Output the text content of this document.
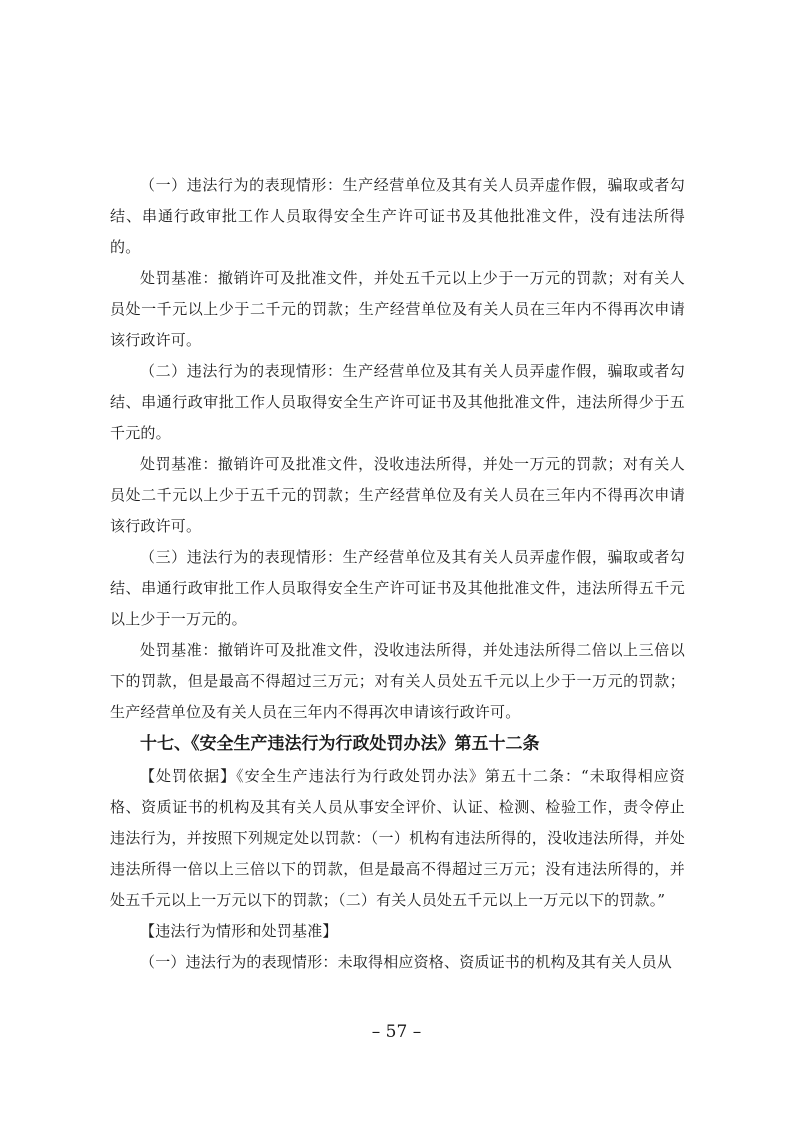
（一）违法行为的表现情形：生产经营单位及其有关人员弄虚作假，骗取或者勾结、串通行政审批工作人员取得安全生产许可证书及其他批准文件，没有违法所得的。

处罚基准：撤销许可及批准文件，并处五千元以上少于一万元的罚款；对有关人员处一千元以上少于二千元的罚款；生产经营单位及有关人员在三年内不得再次申请该行政许可。

（二）违法行为的表现情形：生产经营单位及其有关人员弄虚作假，骗取或者勾结、串通行政审批工作人员取得安全生产许可证书及其他批准文件，违法所得少于五千元的。

处罚基准：撤销许可及批准文件，没收违法所得，并处一万元的罚款；对有关人员处二千元以上少于五千元的罚款；生产经营单位及有关人员在三年内不得再次申请该行政许可。

（三）违法行为的表现情形：生产经营单位及其有关人员弄虚作假，骗取或者勾结、串通行政审批工作人员取得安全生产许可证书及其他批准文件，违法所得五千元以上少于一万元的。

处罚基准：撤销许可及批准文件，没收违法所得，并处违法所得二倍以上三倍以下的罚款，但是最高不得超过三万元；对有关人员处五千元以上少于一万元的罚款；生产经营单位及有关人员在三年内不得再次申请该行政许可。

十七、《安全生产违法行为行政处罚办法》第五十二条

【处罚依据】《安全生产违法行为行政处罚办法》第五十二条：“未取得相应资格、资质证书的机构及其有关人员从事安全评价、认证、检测、检验工作，责令停止违法行为，并按照下列规定处以罚款：（一）机构有违法所得的，没收违法所得，并处违法所得一倍以上三倍以下的罚款，但是最高不得超过三万元；没有违法所得的，并处五千元以上一万元以下的罚款；（二）有关人员处五千元以上一万元以下的罚款。”

【违法行为情形和处罚基准】

（一）违法行为的表现情形：未取得相应资格、资质证书的机构及其有关人员从

– 57 –
